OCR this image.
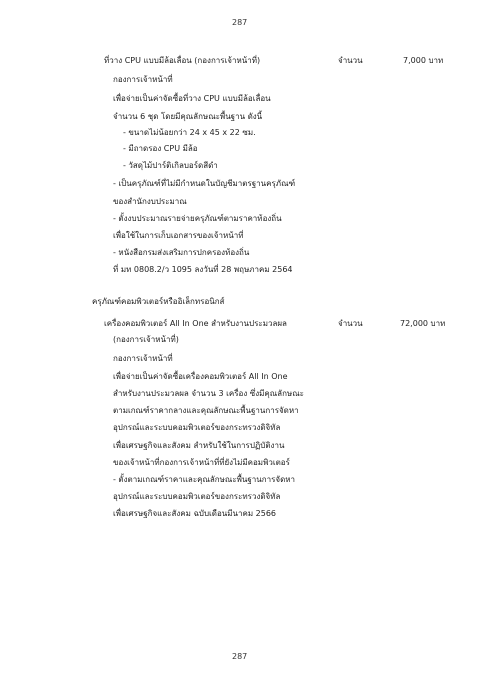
287
ที่วาง CPU แบบมีล้อเลื่อน (กองการเจ้าหน้าที่)	จำนวน	7,000 บาท
กองการเจ้าหน้าที่
เพื่อจ่ายเป็นค่าจัดซื้อที่วาง CPU แบบมีล้อเลื่อน
จำนวน 6 ชุด โดยมีคุณลักษณะพื้นฐาน ดังนี้
- ขนาดไม่น้อยกว่า 24 x 45 x 22 ซม.
- มีถาดรอง CPU มีล้อ
- วัสดุไม้ปาร์ติเกิลบอร์ดสีดำ
- เป็นครุภัณฑ์ที่ไม่มีกำหนดในบัญชีมาตรฐานครุภัณฑ์
ของสำนักงบประมาณ
- ตั้งงบประมาณรายจ่ายครุภัณฑ์ตามราคาท้องถิ่น
เพื่อใช้ในการเก็บเอกสารของเจ้าหน้าที่
- หนังสือกรมส่งเสริมการปกครองท้องถิ่น
ที่ มท 0808.2/ว 1095 ลงวันที่ 28 พฤษภาคม 2564
ครุภัณฑ์คอมพิวเตอร์หรืออิเล็กทรอนิกส์
เครื่องคอมพิวเตอร์ All In One สำหรับงานประมวลผล
(กองการเจ้าหน้าที่)
จำนวน	72,000 บาท
กองการเจ้าหน้าที่
เพื่อจ่ายเป็นค่าจัดซื้อเครื่องคอมพิวเตอร์ All In One
สำหรับงานประมวลผล จำนวน 3 เครื่อง ซึ่งมีคุณลักษณะ
ตามเกณฑ์ราคากลางและคุณลักษณะพื้นฐานการจัดหา
อุปกรณ์และระบบคอมพิวเตอร์ของกระทรวงดิจิทัล
เพื่อเศรษฐกิจและสังคม สำหรับใช้ในการปฏิบัติงาน
ของเจ้าหน้าที่กองการเจ้าหน้าที่ที่ยังไม่มีคอมพิวเตอร์
- ตั้งตามเกณฑ์ราคาและคุณลักษณะพื้นฐานการจัดหา
อุปกรณ์และระบบคอมพิวเตอร์ของกระทรวงดิจิทัล
เพื่อเศรษฐกิจและสังคม ฉบับเดือนมีนาคม 2566
287
